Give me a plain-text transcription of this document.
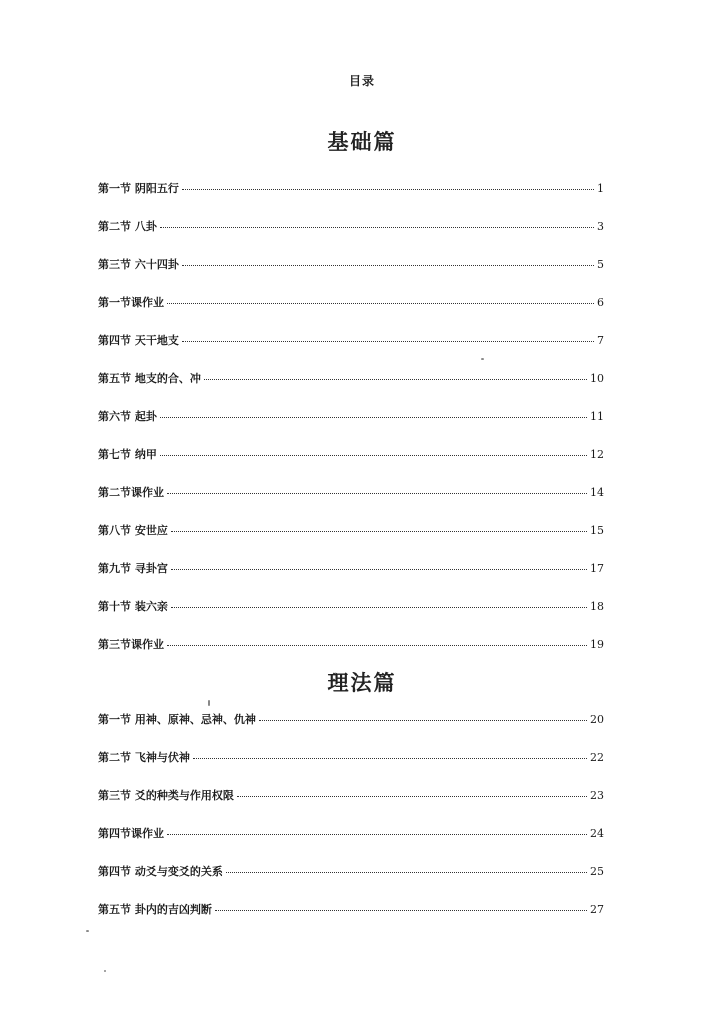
目录
基础篇
第一节 阴阳五行	1
第二节 八卦	3
第三节 六十四卦	5
第一节课作业	6
第四节 天干地支	7
第五节 地支的合、冲	10
第六节 起卦	11
第七节 纳甲	12
第二节课作业	14
第八节 安世应	15
第九节 寻卦宫	17
第十节 装六亲	18
第三节课作业	19
理法篇
第一节 用神、原神、忌神、仇神	20
第二节 飞神与伏神	22
第三节 爻的种类与作用权限	23
第四节课作业	24
第四节 动爻与变爻的关系	25
第五节 卦内的吉凶判断	27
